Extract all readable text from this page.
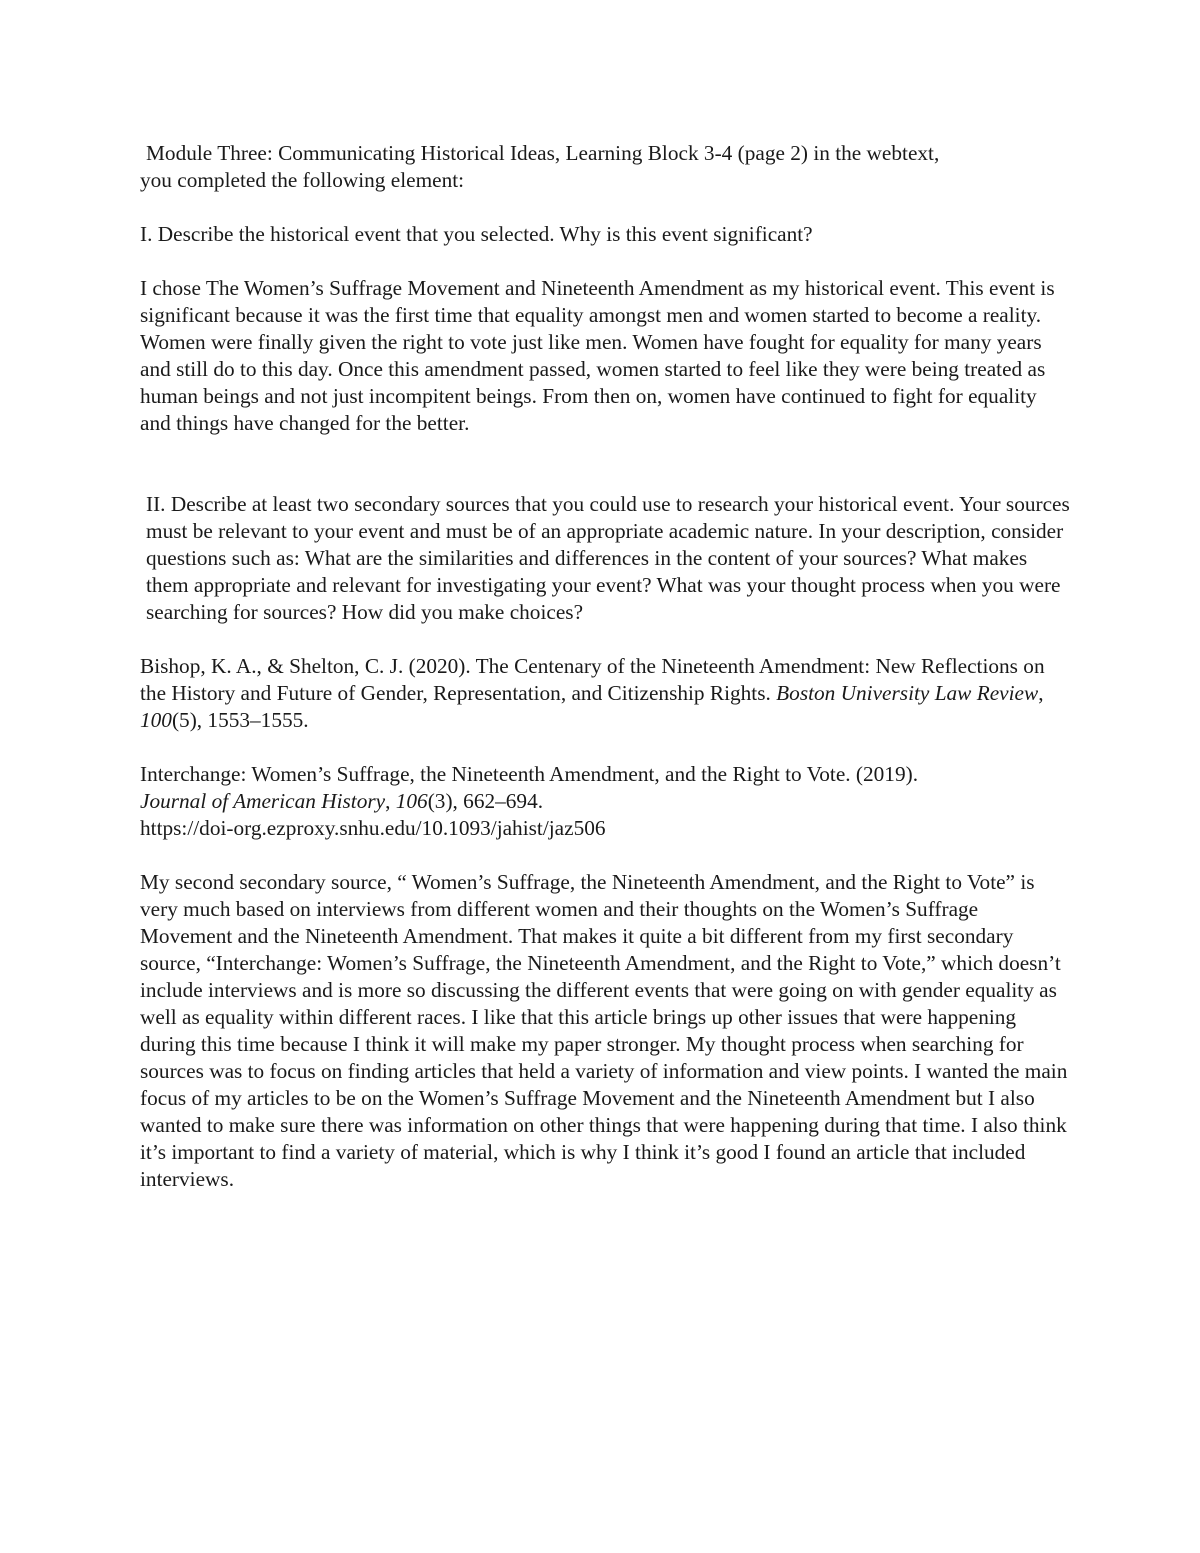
Module Three: Communicating Historical Ideas, Learning Block 3-4 (page 2) in the webtext,
you completed the following element:

I. Describe the historical event that you selected. Why is this event significant?

I chose The Women’s Suffrage Movement and Nineteenth Amendment as my historical event. This event is significant because it was the first time that equality amongst men and women started to become a reality. Women were finally given the right to vote just like men. Women have fought for equality for many years and still do to this day. Once this amendment passed, women started to feel like they were being treated as human beings and not just incompitent beings. From then on, women have continued to fight for equality and things have changed for the better.

II. Describe at least two secondary sources that you could use to research your historical event. Your sources must be relevant to your event and must be of an appropriate academic nature. In your description, consider questions such as: What are the similarities and differences in the content of your sources? What makes them appropriate and relevant for investigating your event? What was your thought process when you were searching for sources? How did you make choices?

Bishop, K. A., & Shelton, C. J. (2020). The Centenary of the Nineteenth Amendment: New Reflections on the History and Future of Gender, Representation, and Citizenship Rights. Boston University Law Review, 100(5), 1553–1555.

Interchange: Women’s Suffrage, the Nineteenth Amendment, and the Right to Vote. (2019).
Journal of American History, 106(3), 662–694.
https://doi-org.ezproxy.snhu.edu/10.1093/jahist/jaz506

My second secondary source, “ Women’s Suffrage, the Nineteenth Amendment, and the Right to Vote” is very much based on interviews from different women and their thoughts on the Women’s Suffrage Movement and the Nineteenth Amendment. That makes it quite a bit different from my first secondary source, “Interchange: Women’s Suffrage, the Nineteenth Amendment, and the Right to Vote,” which doesn’t include interviews and is more so discussing the different events that were going on with gender equality as well as equality within different races. I like that this article brings up other issues that were happening during this time because I think it will make my paper stronger. My thought process when searching for sources was to focus on finding articles that held a variety of information and view points. I wanted the main focus of my articles to be on the Women’s Suffrage Movement and the Nineteenth Amendment but I also wanted to make sure there was information on other things that were happening during that time. I also think it’s important to find a variety of material, which is why I think it’s good I found an article that included interviews.
